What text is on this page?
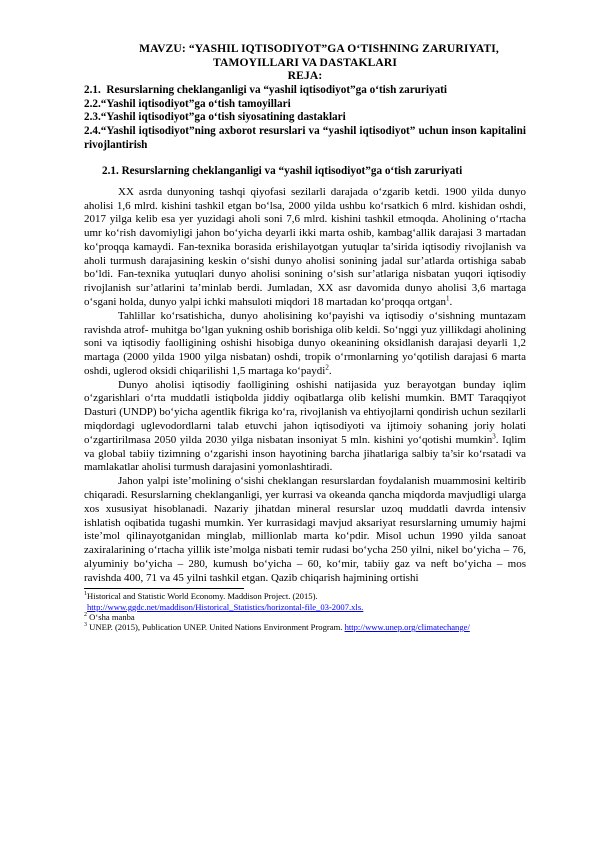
MAVZU: “YASHIL IQTISODIYOT”GA O‘TISHNING ZARURIYATI,
TAMOYILLARI VA DASTAKLARI
REJA:
2.1. Resurslarning cheklanganligi va “yashil iqtisodiyot”ga o‘tish zaruriyati
2.2.“Yashil iqtisodiyot”ga o‘tish tamoyillari
2.3.“Yashil iqtisodiyot”ga o‘tish siyosatining dastaklari
2.4.“Yashil iqtisodiyot”ning axborot resurslari va “yashil iqtisodiyot” uchun inson kapitalini rivojlantirish
2.1. Resurslarning cheklanganligi va “yashil iqtisodiyot”ga o‘tish zaruriyati

XX asrda dunyoning tashqi qiyofasi sezilarli darajada o‘zgarib ketdi. 1900 yilda dunyo aholisi 1,6 mlrd. kishini tashkil etgan bo‘lsa, 2000 yilda ushbu ko‘rsatkich 6 mlrd. kishidan oshdi, 2017 yilga kelib esa yer yuzidagi aholi soni 7,6 mlrd. kishini tashkil etmoqda. Aholining o‘rtacha umr ko‘rish davomiyligi jahon bo‘yicha deyarli ikki marta oshib, kambag‘allik darajasi 3 martadan ko‘proqqa kamaydi. Fan-texnika borasida erishilayotgan yutuqlar ta’sirida iqtisodiy rivojlanish va aholi turmush darajasining keskin o‘sishi dunyo aholisi sonining jadal sur’atlarda ortishiga sabab bo‘ldi. Fan-texnika yutuqlari dunyo aholisi sonining o‘sish sur’atlariga nisbatan yuqori iqtisodiy rivojlanish sur’atlarini ta’minlab berdi. Jumladan, XX asr davomida dunyo aholisi 3,6 martaga o‘sgani holda, dunyo yalpi ichki mahsuloti miqdori 18 martadan ko‘proqqa ortgan$^1$.

Tahlillar ko‘rsatishicha, dunyo aholisining ko‘payishi va iqtisodiy o‘sishning muntazam ravishda atrof- muhitga bo‘lgan yukning oshib borishiga olib keldi. So‘nggi yuz yillikdagi aholining soni va iqtisodiy faolligining oshishi hisobiga dunyo okeanining oksidlanish darajasi deyarli 1,2 martaga (2000 yilda 1900 yilga nisbatan) oshdi, tropik o‘rmonlarning yo‘qotilish darajasi 6 marta oshdi, uglerod oksidi chiqarilishi 1,5 martaga ko‘paydi$^2$.

Dunyo aholisi iqtisodiy faolligining oshishi natijasida yuz berayotgan bunday iqlim o‘zgarishlari o‘rta muddatli istiqbolda jiddiy oqibatlarga olib kelishi mumkin. BMT Taraqqiyot Dasturi (UNDP) bo‘yicha agentlik fikriga ko‘ra, rivojlanish va ehtiyojlarni qondirish uchun sezilarli miqdordagi uglevodordlarni talab etuvchi jahon iqtisodiyoti va ijtimoiy sohaning joriy holati o‘zgartirilmasa 2050 yilda 2030 yilga nisbatan insoniyat 5 mln. kishini yo‘qotishi mumkin$^3$. Iqlim va global tabiiy tizimning o‘zgarishi inson hayotining barcha jihatlariga salbiy ta’sir ko‘rsatadi va mamlakatlar aholisi turmush darajasini yomonlashtiradi.

Jahon yalpi iste’molining o‘sishi cheklangan resurslardan foydalanish muammosini keltirib chiqaradi. Resurslarning cheklanganligi, yer kurrasi va okeanda qancha miqdorda mavjudligi ularga xos xususiyat hisoblanadi. Nazariy jihatdan mineral resurslar uzoq muddatli davrda intensiv ishlatish oqibatida tugashi mumkin. Yer kurrasidagi mavjud aksariyat resurslarning umumiy hajmi iste’mol qilinayotganidan minglab, millionlab marta ko‘pdir. Misol uchun 1990 yilda sanoat zaxiralarining o‘rtacha yillik iste’molga nisbati temir rudasi bo‘ycha 250 yilni, nikel bo‘yicha – 76, alyuminiy bo‘yicha – 280, kumush bo‘yicha – 60, ko‘mir, tabiiy gaz va neft bo‘yicha – mos ravishda 400, 71 va 45 yilni tashkil etgan. Qazib chiqarish hajmining ortishi

$^1$Historical and Statistic World Economy. Maddison Project. (2015).
http://www.ggdc.net/maddison/Historical_Statistics/horizontal-file_03-2007.xls.
$^2$ O‘sha manba
$^3$ UNEP. (2015), Publication UNEP. United Nations Environment Program. http://www.unep.org/climatechange/
